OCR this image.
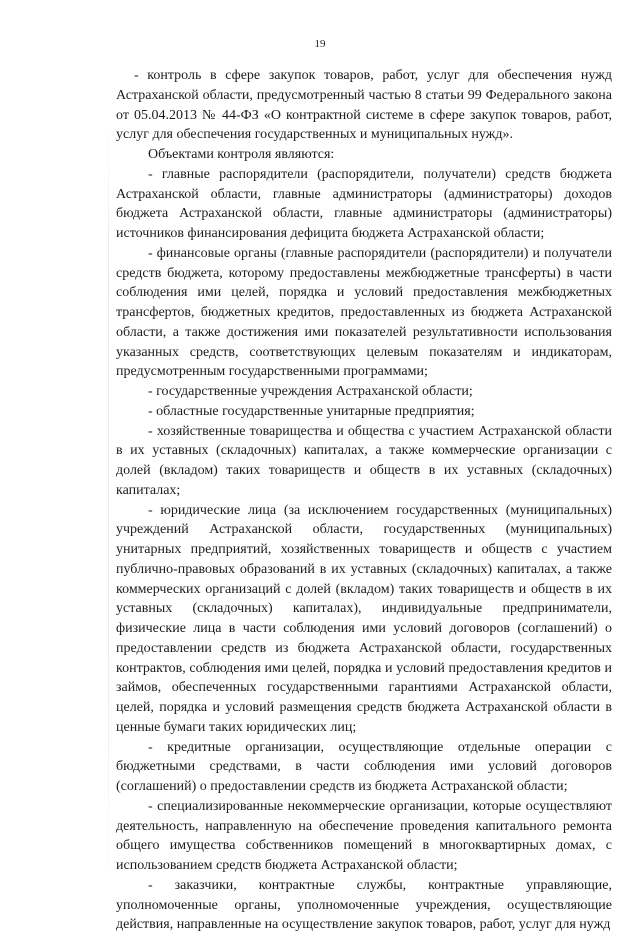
19

- контроль в сфере закупок товаров, работ, услуг для обеспечения нужд Астраханской области, предусмотренный частью 8 статьи 99 Федерального закона от 05.04.2013 № 44-ФЗ «О контрактной системе в сфере закупок товаров, работ, услуг для обеспечения государственных и муниципальных нужд».

Объектами контроля являются:

- главные распорядители (распорядители, получатели) средств бюджета Астраханской области, главные администраторы (администраторы) доходов бюджета Астраханской области, главные администраторы (администраторы) источников финансирования дефицита бюджета Астраханской области;

- финансовые органы (главные распорядители (распорядители) и получатели средств бюджета, которому предоставлены межбюджетные трансферты) в части соблюдения ими целей, порядка и условий предоставления межбюджетных трансфертов, бюджетных кредитов, предоставленных из бюджета Астраханской области, а также достижения ими показателей результативности использования указанных средств, соответствующих целевым показателям и индикаторам, предусмотренным государственными программами;

- государственные учреждения Астраханской области;

- областные государственные унитарные предприятия;

- хозяйственные товарищества и общества с участием Астраханской области в их уставных (складочных) капиталах, а также коммерческие организации с долей (вкладом) таких товариществ и обществ в их уставных (складочных) капиталах;

- юридические лица (за исключением государственных (муниципальных) учреждений Астраханской области, государственных (муниципальных) унитарных предприятий, хозяйственных товариществ и обществ с участием публично-правовых образований в их уставных (складочных) капиталах, а также коммерческих организаций с долей (вкладом) таких товариществ и обществ в их уставных (складочных) капиталах), индивидуальные предприниматели, физические лица в части соблюдения ими условий договоров (соглашений) о предоставлении средств из бюджета Астраханской области, государственных контрактов, соблюдения ими целей, порядка и условий предоставления кредитов и займов, обеспеченных государственными гарантиями Астраханской области, целей, порядка и условий размещения средств бюджета Астраханской области в ценные бумаги таких юридических лиц;

- кредитные организации, осуществляющие отдельные операции с бюджетными средствами, в части соблюдения ими условий договоров (соглашений) о предоставлении средств из бюджета Астраханской области;

- специализированные некоммерческие организации, которые осуществляют деятельность, направленную на обеспечение проведения капитального ремонта общего имущества собственников помещений в многоквартирных домах, с использованием средств бюджета Астраханской области;

- заказчики, контрактные службы, контрактные управляющие, уполномоченные органы, уполномоченные учреждения, осуществляющие действия, направленные на осуществление закупок товаров, работ, услуг для нужд
